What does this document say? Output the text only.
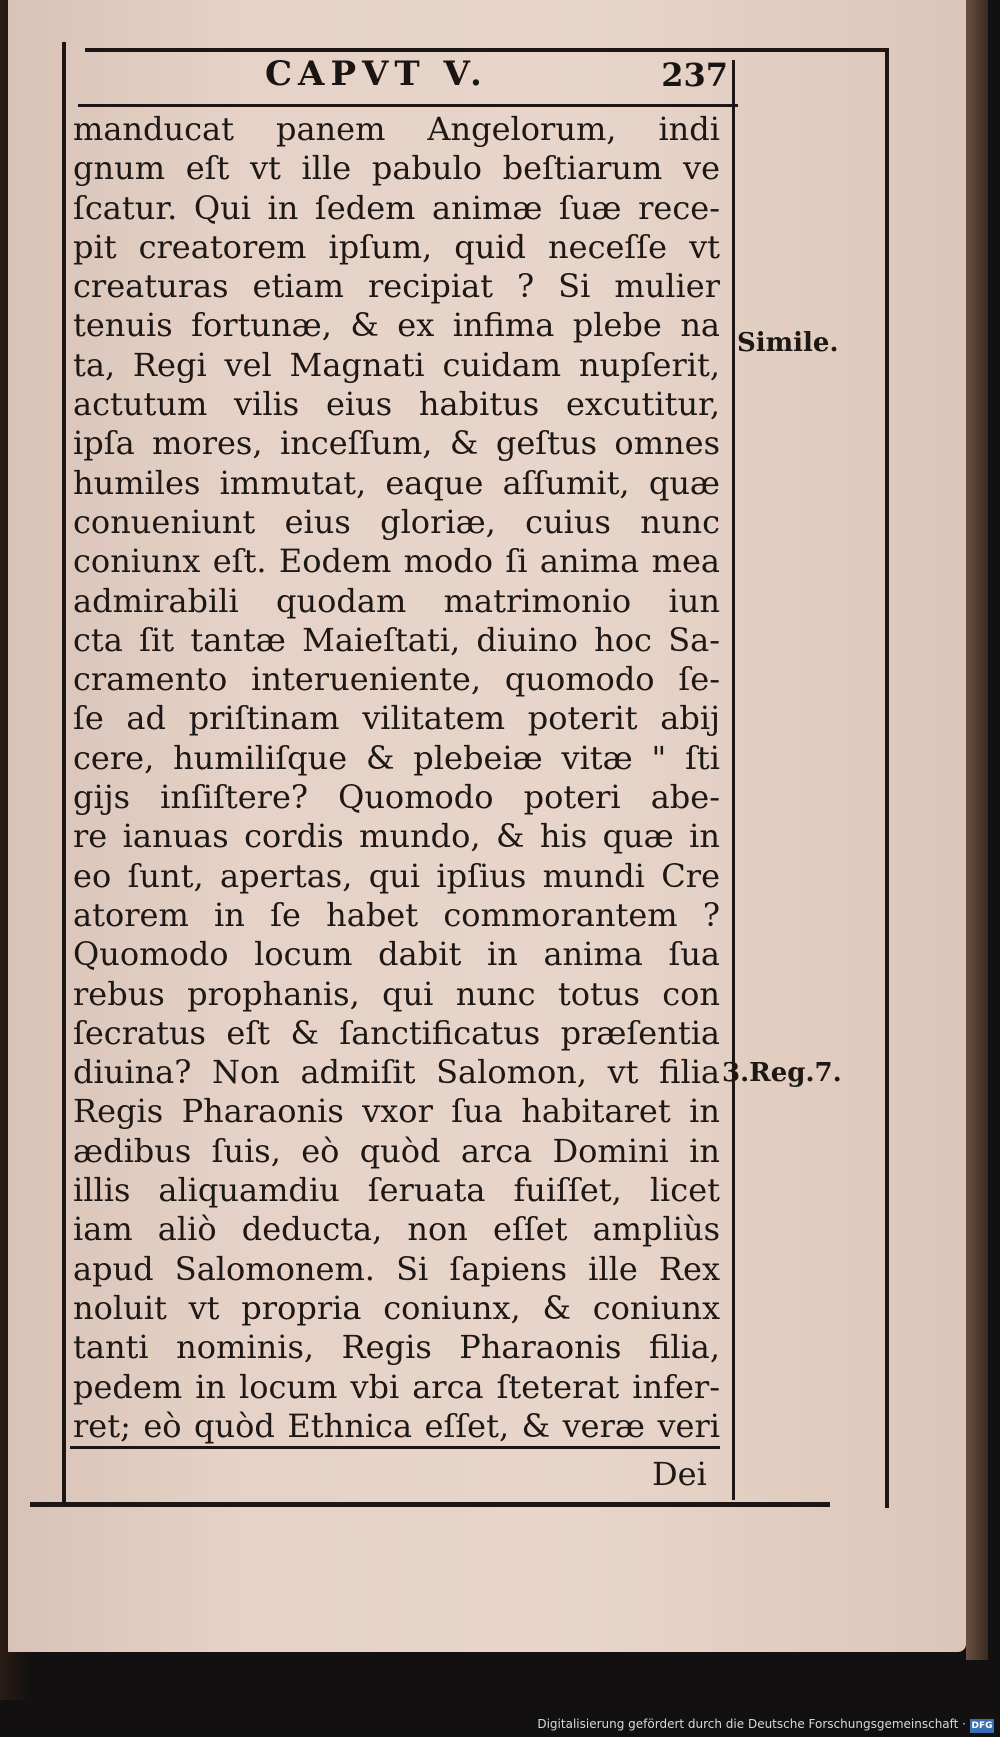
CAPVT V.	237
manducat panem Angelorum, indi
gnum eſt vt ille pabulo beſtiarum ve
ſcatur. Qui in ſedem animæ ſuæ rece-
pit creatorem ipſum, quid neceſſe vt
creaturas etiam recipiat ? Si mulier
tenuis fortunæ, & ex infima plebe na
ta, Regi vel Magnati cuidam nupſerit,
actutum vilis eius habitus excutitur,
ipſa mores, inceſſum, & geſtus omnes
humiles immutat, eaque aſſumit, quæ
conueniunt eius gloriæ, cuius nunc
coniunx eſt. Eodem modo ſi anima mea
admirabili quodam matrimonio iun
cta ſit tantæ Maieſtati, diuino hoc Sa-
cramento interueniente, quomodo ſe-
ſe ad priſtinam vilitatem poterit abij
cere, humiliſque & plebeiæ vitæ " ſti
gijs inſiſtere? Quomodo poteri abe-
re ianuas cordis mundo, & his quæ in
eo ſunt, apertas, qui ipſius mundi Cre
atorem in ſe habet commorantem ?
Quomodo locum dabit in anima ſua
rebus prophanis, qui nunc totus con
ſecratus eſt & ſanctificatus præſentia
diuina? Non admiſit Salomon, vt filia
Regis Pharaonis vxor ſua habitaret in
ædibus ſuis, eò quòd arca Domini in
illis aliquamdiu ſeruata fuiſſet, licet
iam aliò deducta, non eſſet ampliùs
apud Salomonem. Si ſapiens ille Rex
noluit vt propria coniunx, & coniunx
tanti nominis, Regis Pharaonis filia,
pedem in locum vbi arca ſteterat infer-
ret; eò quòd Ethnica eſſet, & veræ veri
Simile.
3.Reg.7.
Dei
Digitalisierung gefördert durch die Deutsche Forschungsgemeinschaft · DFG
